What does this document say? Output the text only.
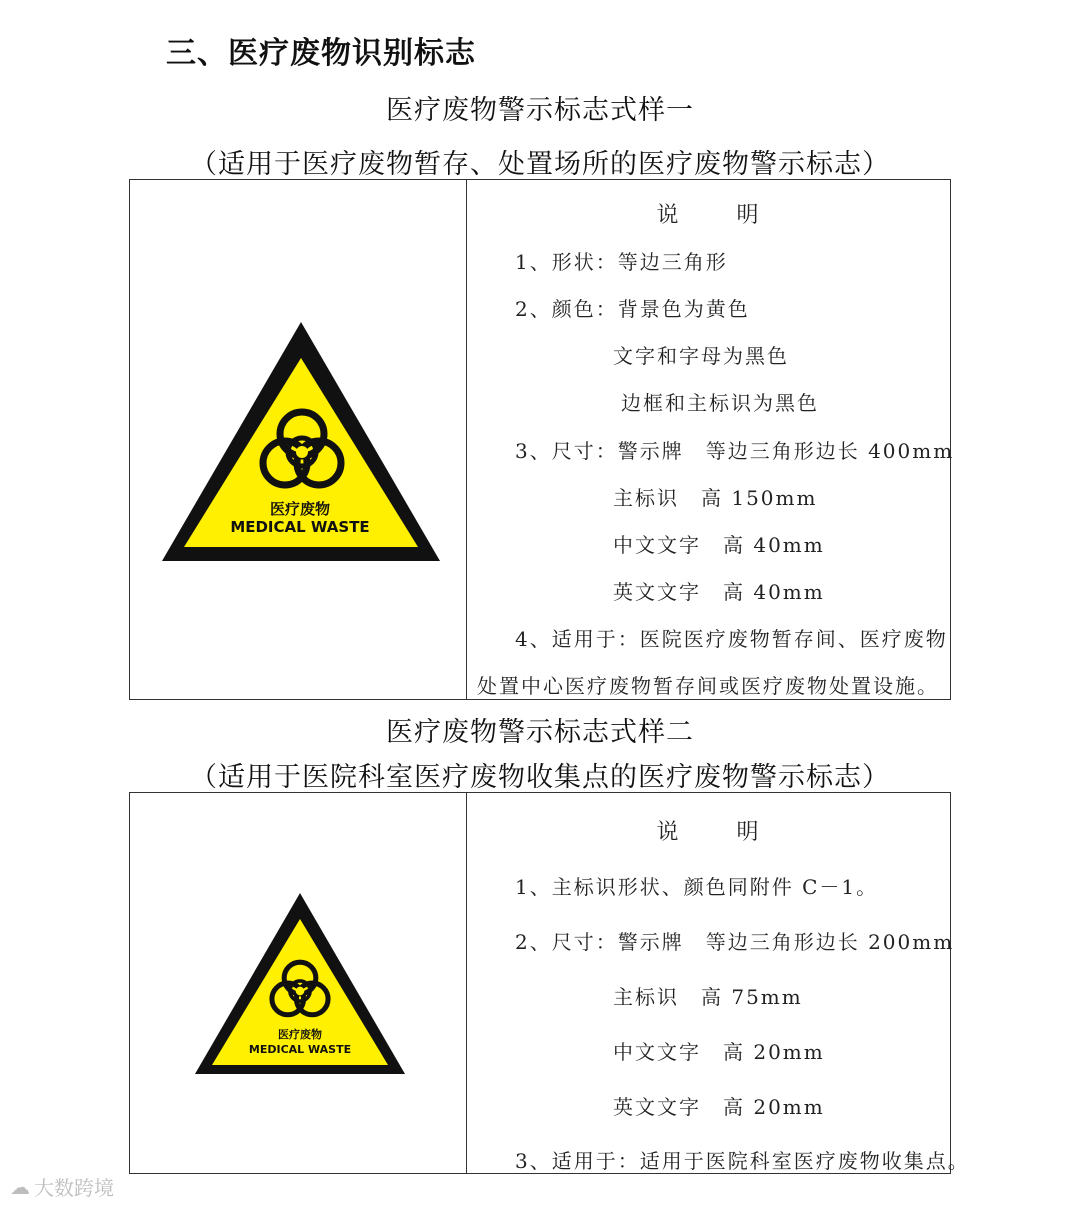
三、医疗废物识别标志
医疗废物警示标志式样一
（适用于医疗废物暂存、处置场所的医疗废物警示标志）
医疗废物
MEDICAL WASTE
说	明
1、形状：等边三角形
2、颜色：背景色为黄色
文字和字母为黑色
边框和主标识为黑色
3、尺寸：警示牌　等边三角形边长 400mm
主标识　高 150mm
中文文字　高 40mm
英文文字　高 40mm
4、适用于：医院医疗废物暂存间、医疗废物
处置中心医疗废物暂存间或医疗废物处置设施。
医疗废物警示标志式样二
（适用于医院科室医疗废物收集点的医疗废物警示标志）
医疗废物
MEDICAL WASTE
说	明
1、主标识形状、颜色同附件 C－1。
2、尺寸：警示牌　等边三角形边长 200mm
主标识　高 75mm
中文文字　高 20mm
英文文字　高 20mm
3、适用于：适用于医院科室医疗废物收集点。
☁ 大数跨境
